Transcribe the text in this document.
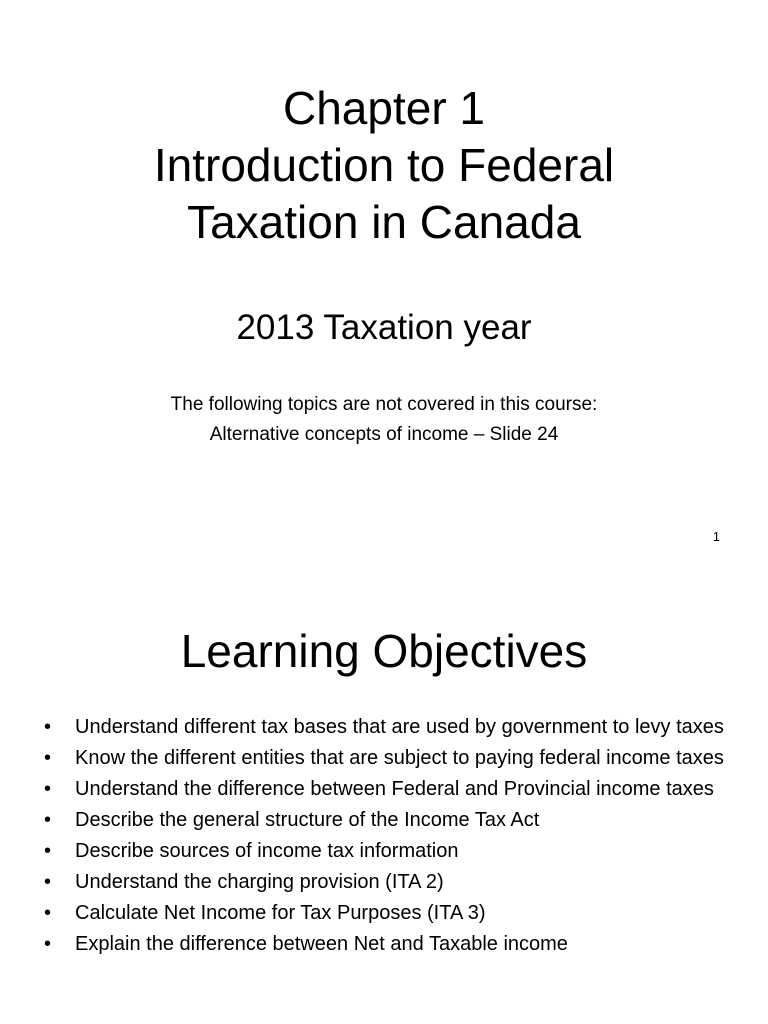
Chapter 1
Introduction to Federal
Taxation in Canada
2013 Taxation year
The following topics are not covered in this course:
Alternative concepts of income – Slide 24
1
Learning Objectives
• Understand different tax bases that are used by government to levy taxes
• Know the different entities that are subject to paying federal income taxes
• Understand the difference between Federal and Provincial income taxes
• Describe the general structure of the Income Tax Act
• Describe sources of income tax information
• Understand the charging provision (ITA 2)
• Calculate Net Income for Tax Purposes (ITA 3)
• Explain the difference between Net and Taxable income
